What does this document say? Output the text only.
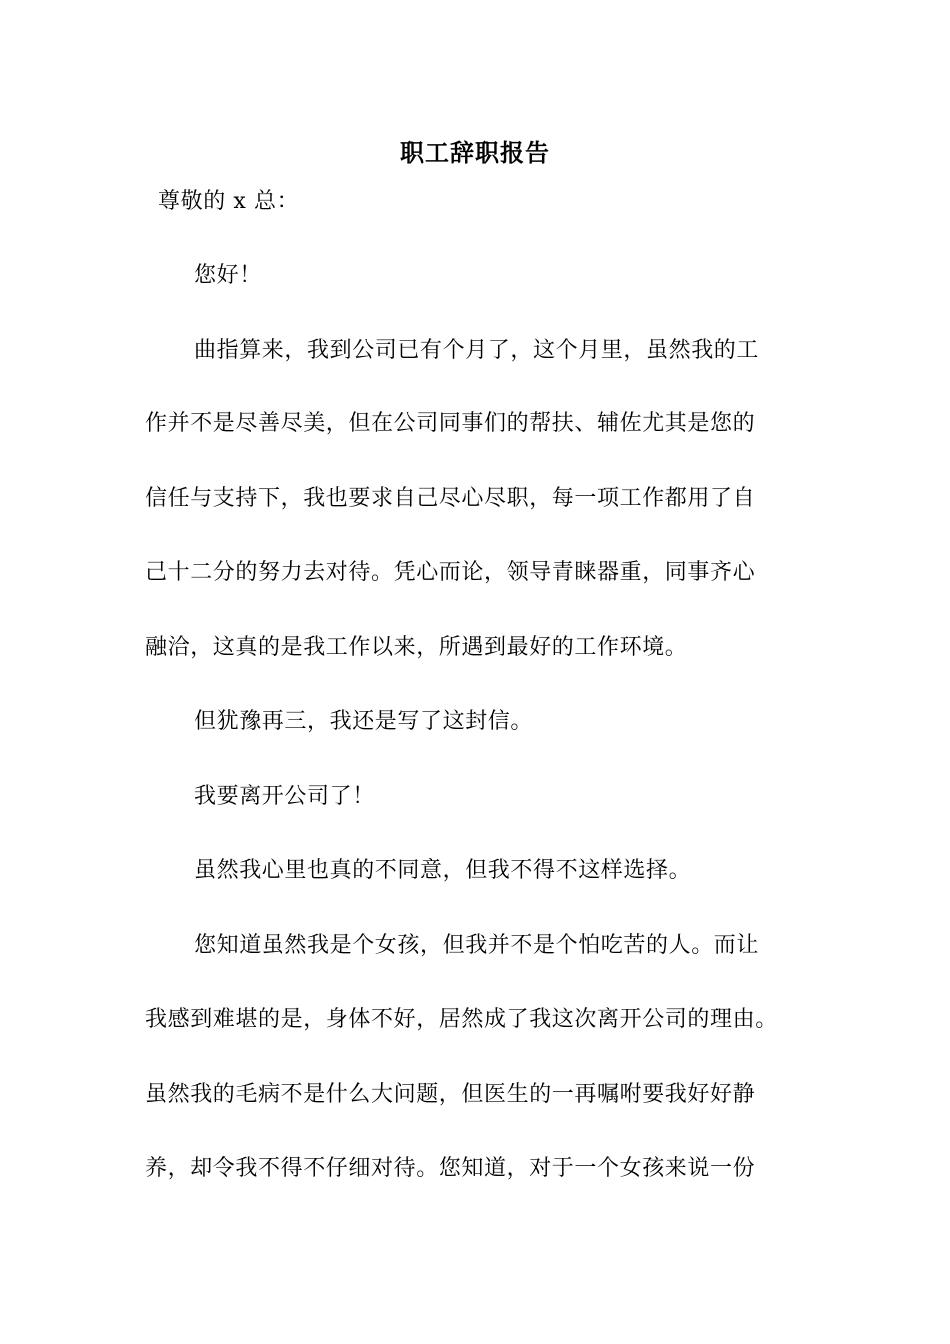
职工辞职报告
尊敬的 x 总：
您好！
曲指算来，我到公司已有个月了，这个月里，虽然我的工
作并不是尽善尽美，但在公司同事们的帮扶、辅佐尤其是您的
信任与支持下，我也要求自己尽心尽职，每一项工作都用了自
己十二分的努力去对待。凭心而论，领导青睐器重，同事齐心
融洽，这真的是我工作以来，所遇到最好的工作环境。
但犹豫再三，我还是写了这封信。
我要离开公司了！
虽然我心里也真的不同意，但我不得不这样选择。
您知道虽然我是个女孩，但我并不是个怕吃苦的人。而让
我感到难堪的是，身体不好，居然成了我这次离开公司的理由。
虽然我的毛病不是什么大问题，但医生的一再嘱咐要我好好静
养，却令我不得不仔细对待。您知道，对于一个女孩来说一份
